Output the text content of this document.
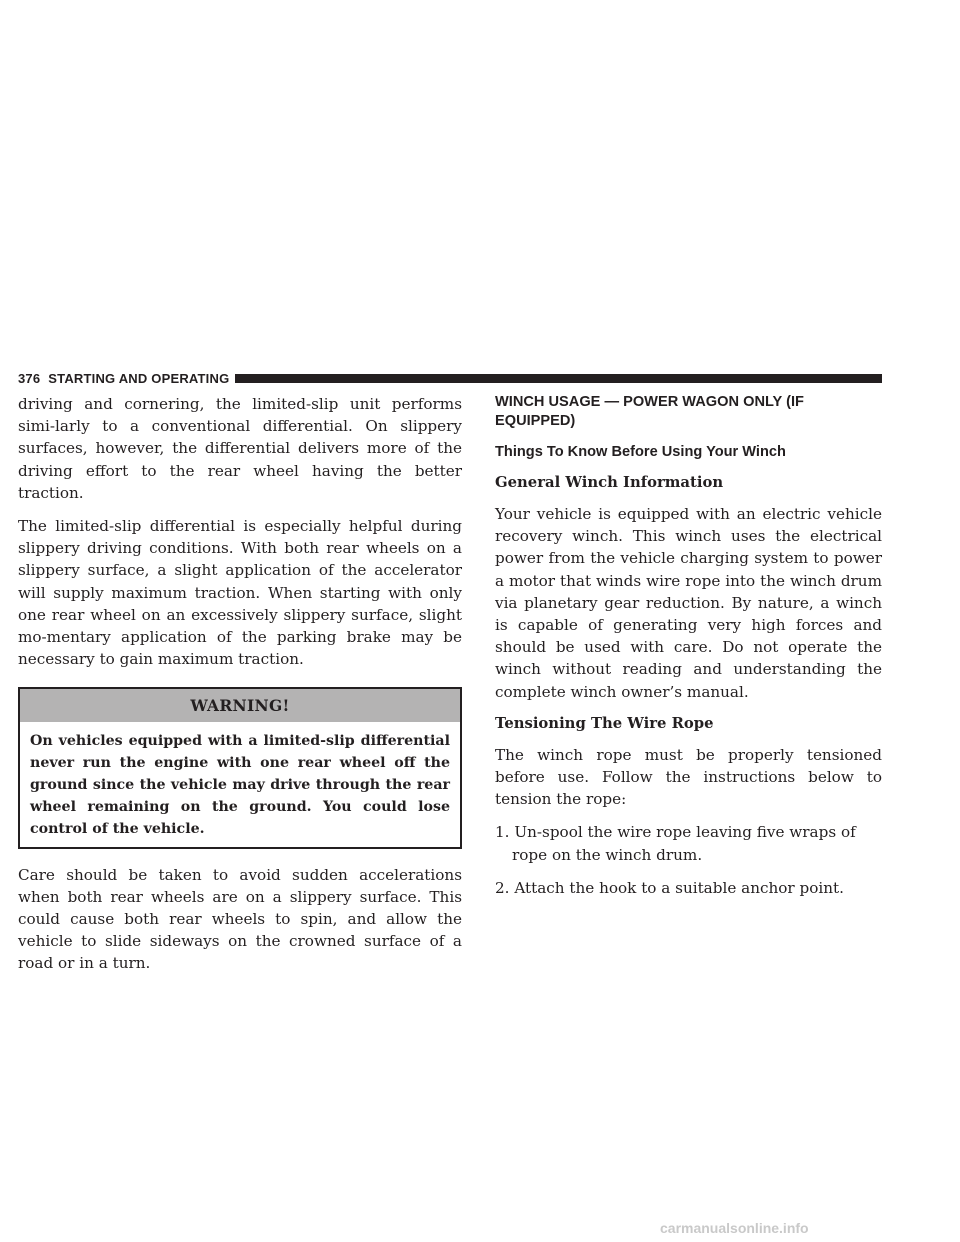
376 STARTING AND OPERATING

driving and cornering, the limited-slip unit performs simi-larly to a conventional differential. On slippery surfaces, however, the differential delivers more of the driving effort to the rear wheel having the better traction.

The limited-slip differential is especially helpful during slippery driving conditions. With both rear wheels on a slippery surface, a slight application of the accelerator will supply maximum traction. When starting with only one rear wheel on an excessively slippery surface, slight mo-mentary application of the parking brake may be necessary to gain maximum traction.

WARNING!
On vehicles equipped with a limited-slip differential never run the engine with one rear wheel off the ground since the vehicle may drive through the rear wheel remaining on the ground. You could lose control of the vehicle.

Care should be taken to avoid sudden accelerations when both rear wheels are on a slippery surface. This could cause both rear wheels to spin, and allow the vehicle to slide sideways on the crowned surface of a road or in a turn.

WINCH USAGE — POWER WAGON ONLY (IF EQUIPPED)
Things To Know Before Using Your Winch
General Winch Information

Your vehicle is equipped with an electric vehicle recovery winch. This winch uses the electrical power from the vehicle charging system to power a motor that winds wire rope into the winch drum via planetary gear reduction. By nature, a winch is capable of generating very high forces and should be used with care. Do not operate the winch without reading and understanding the complete winch owner’s manual.

Tensioning The Wire Rope

The winch rope must be properly tensioned before use. Follow the instructions below to tension the rope:

1. Un-spool the wire rope leaving five wraps of rope on the winch drum.
2. Attach the hook to a suitable anchor point.
carmanualsonline.info
